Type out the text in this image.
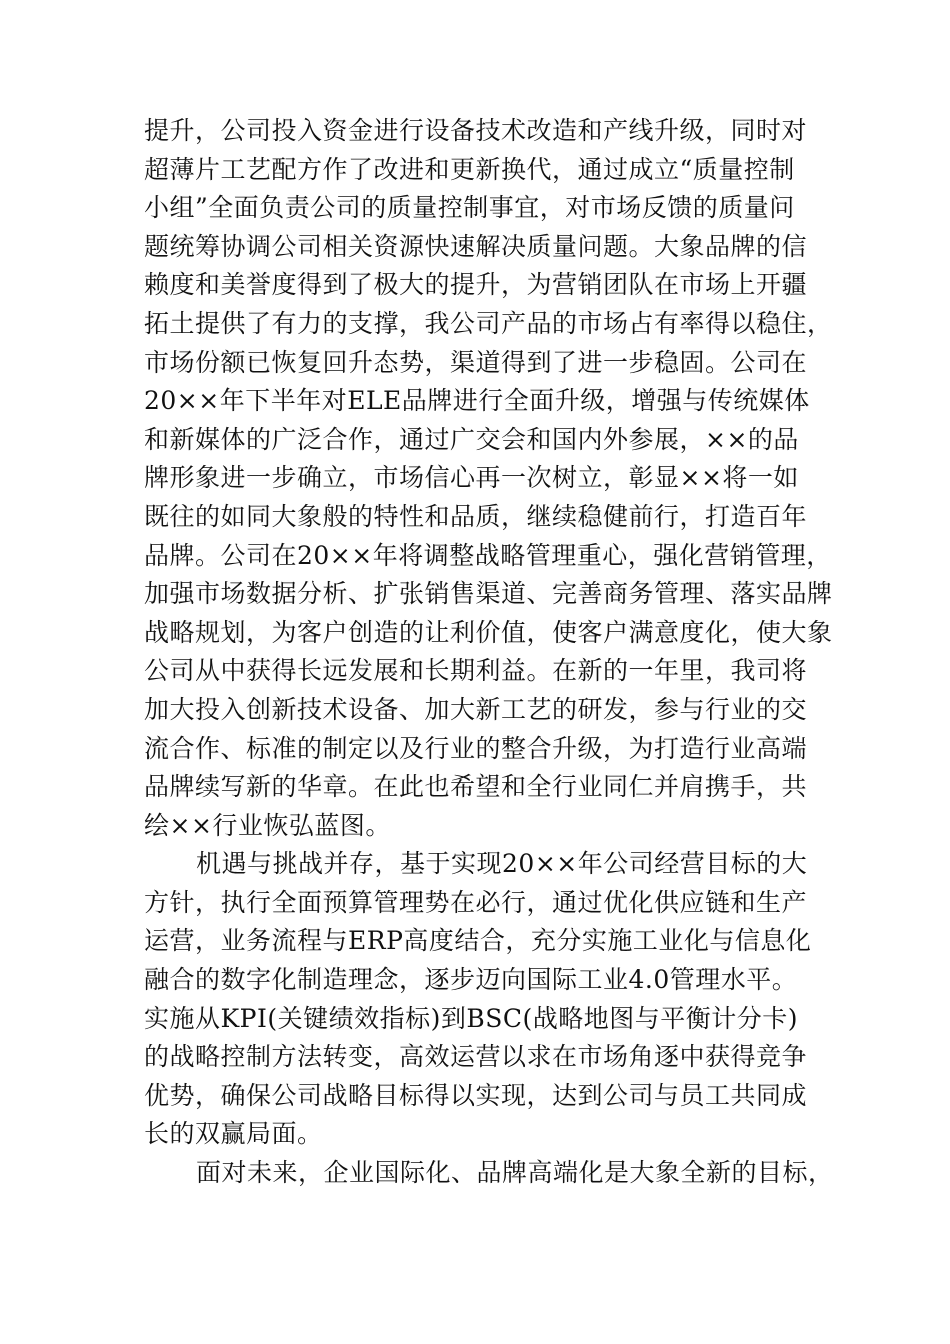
提升，公司投入资金进行设备技术改造和产线升级，同时对
超薄片工艺配方作了改进和更新换代，通过成立“质量控制
小组”全面负责公司的质量控制事宜，对市场反馈的质量问
题统筹协调公司相关资源快速解决质量问题。大象品牌的信
赖度和美誉度得到了极大的提升，为营销团队在市场上开疆
拓土提供了有力的支撑，我公司产品的市场占有率得以稳住，
市场份额已恢复回升态势，渠道得到了进一步稳固。公司在
20××年下半年对ELE品牌进行全面升级，增强与传统媒体
和新媒体的广泛合作，通过广交会和国内外参展，××的品
牌形象进一步确立，市场信心再一次树立，彰显××将一如
既往的如同大象般的特性和品质，继续稳健前行，打造百年
品牌。公司在20××年将调整战略管理重心，强化营销管理，
加强市场数据分析、扩张销售渠道、完善商务管理、落实品牌
战略规划，为客户创造的让利价值，使客户满意度化，使大象
公司从中获得长远发展和长期利益。在新的一年里，我司将
加大投入创新技术设备、加大新工艺的研发，参与行业的交
流合作、标准的制定以及行业的整合升级，为打造行业高端
品牌续写新的华章。在此也希望和全行业同仁并肩携手，共
绘××行业恢弘蓝图。
机遇与挑战并存，基于实现20××年公司经营目标的大
方针，执行全面预算管理势在必行，通过优化供应链和生产
运营，业务流程与ERP高度结合，充分实施工业化与信息化
融合的数字化制造理念，逐步迈向国际工业4.0管理水平。
实施从KPI(关键绩效指标)到BSC(战略地图与平衡计分卡)
的战略控制方法转变，高效运营以求在市场角逐中获得竞争
优势，确保公司战略目标得以实现，达到公司与员工共同成
长的双赢局面。
面对未来，企业国际化、品牌高端化是大象全新的目标，
